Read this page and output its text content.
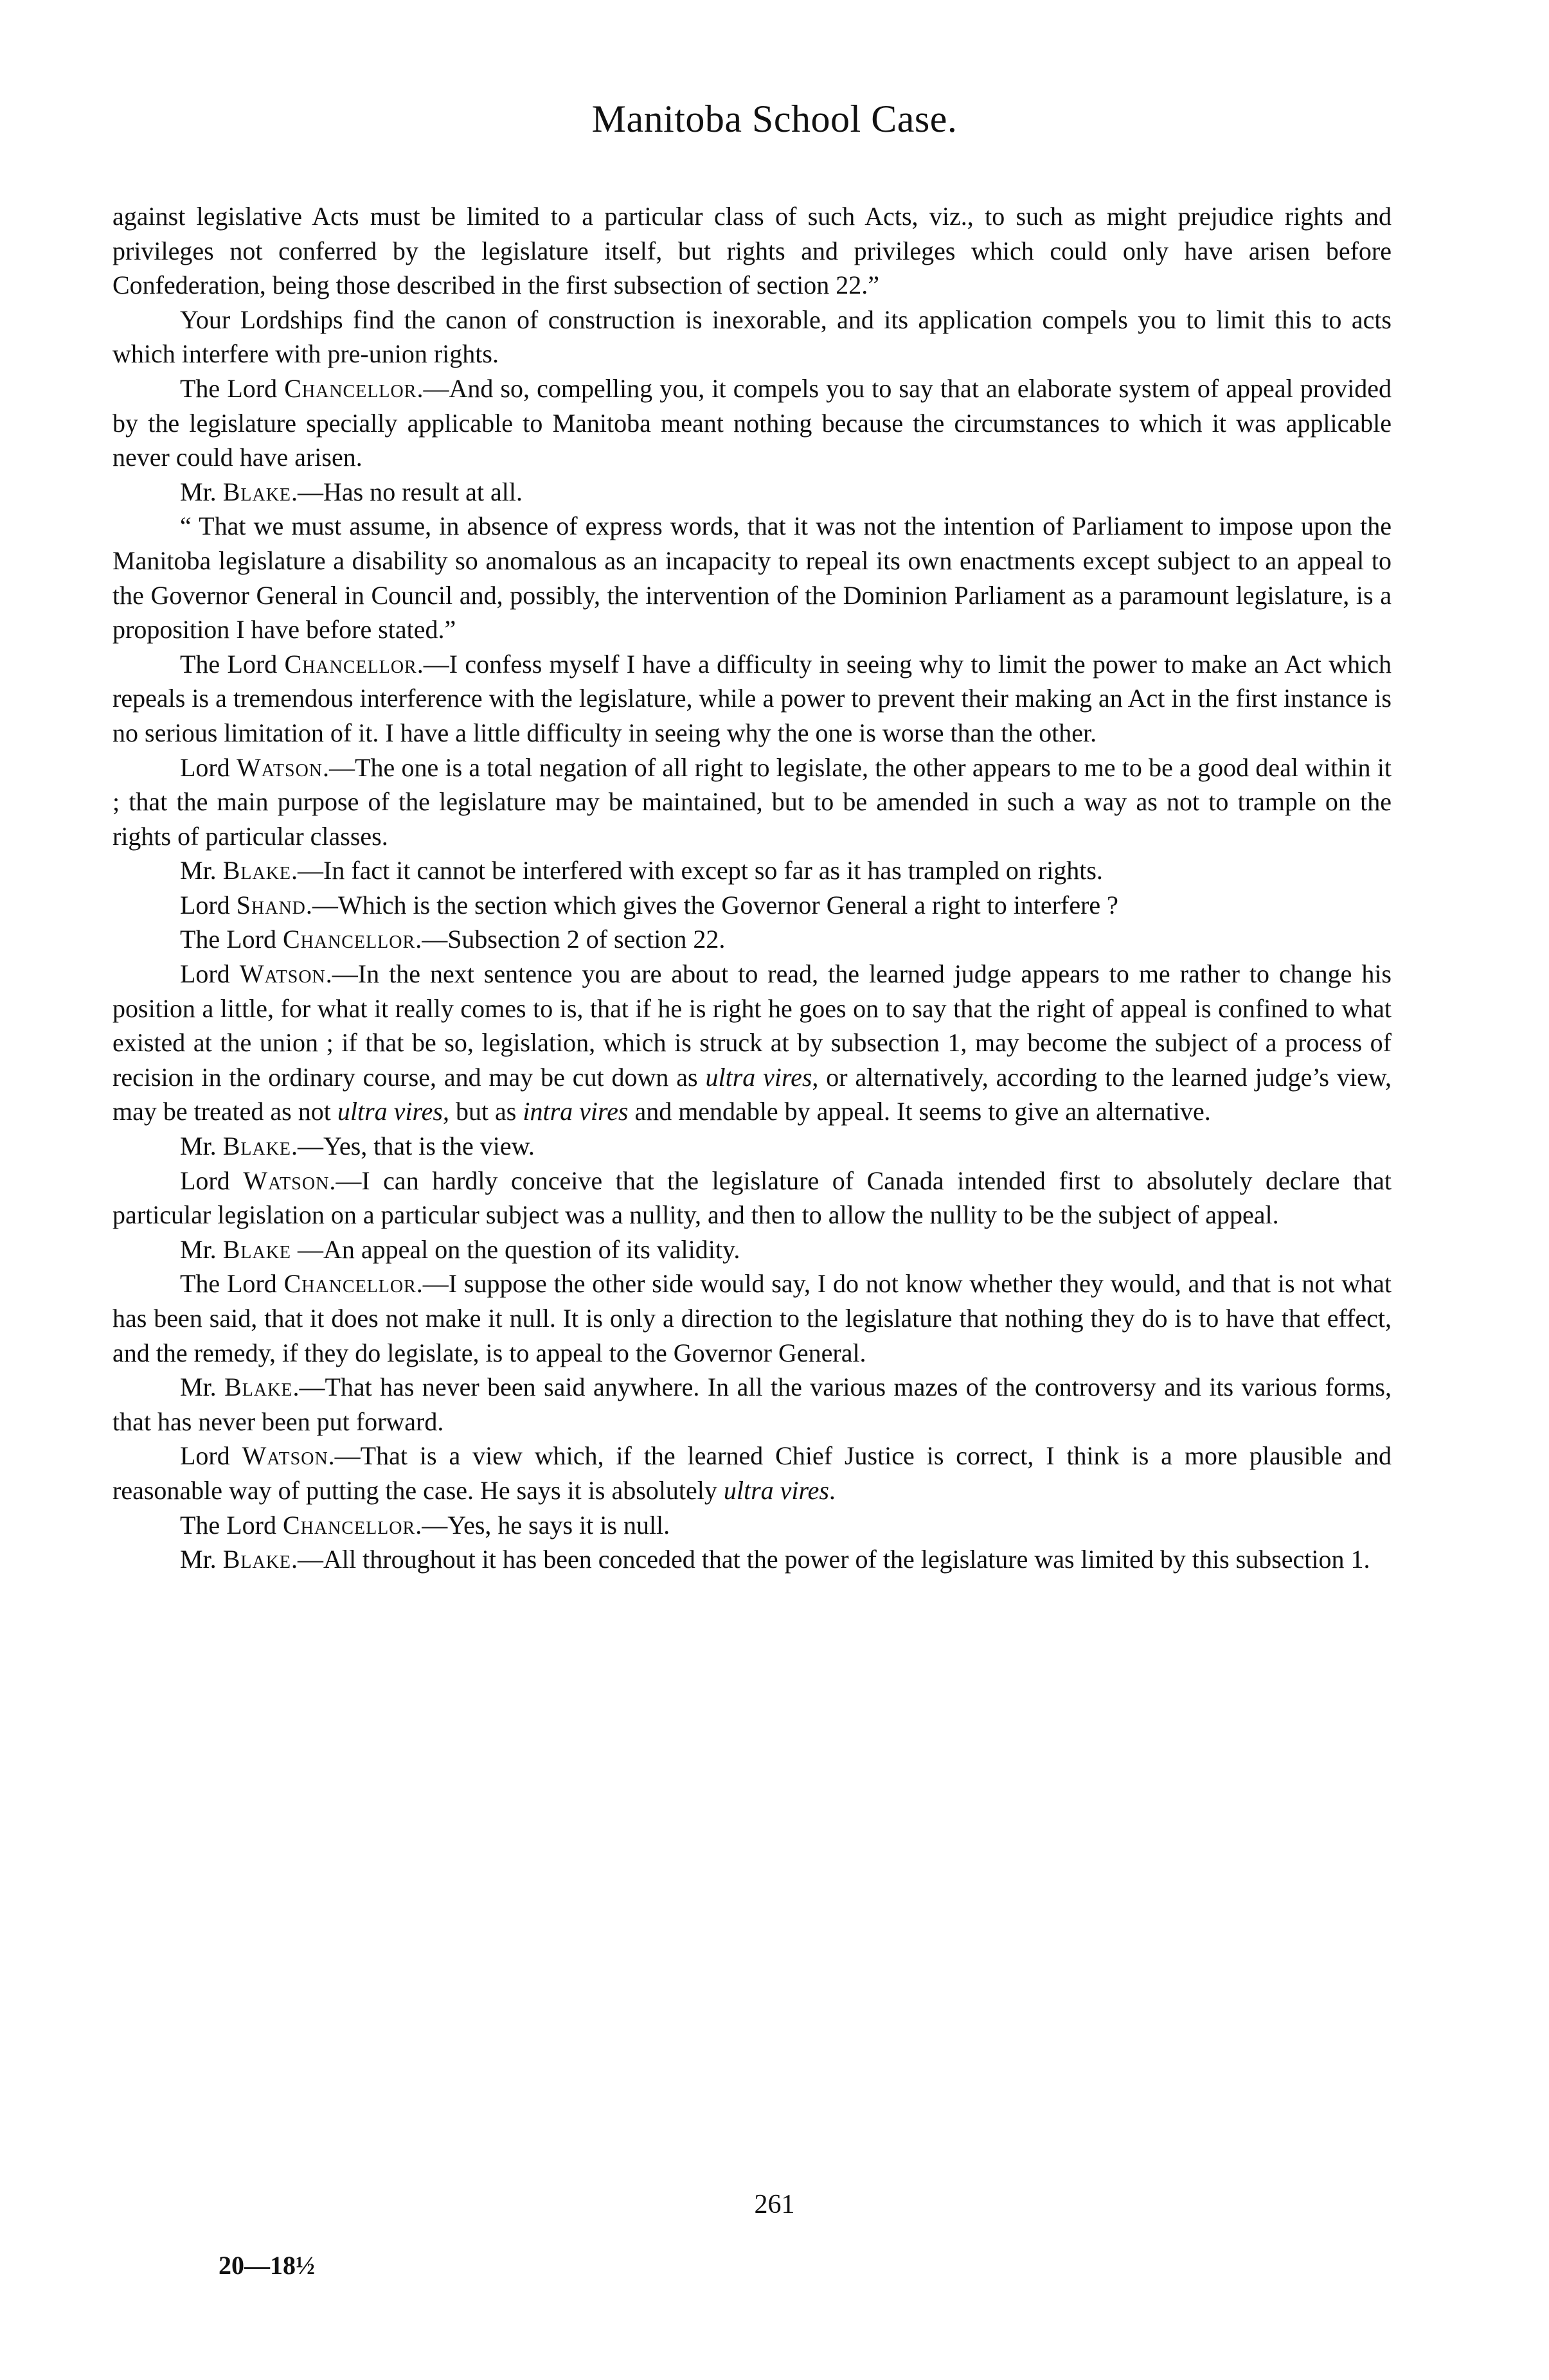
Manitoba School Case.

against legislative Acts must be limited to a particular class of such Acts, viz., to such as might prejudice rights and privileges not conferred by the legislature itself, but rights and privileges which could only have arisen before Confederation, being those described in the first subsection of section 22.”

Your Lordships find the canon of construction is inexorable, and its application compels you to limit this to acts which interfere with pre-union rights.

The Lord Chancellor.—And so, compelling you, it compels you to say that an elaborate system of appeal provided by the legislature specially applicable to Manitoba meant nothing because the circumstances to which it was applicable never could have arisen.

Mr. Blake.—Has no result at all.

“ That we must assume, in absence of express words, that it was not the intention of Parliament to impose upon the Manitoba legislature a disability so anomalous as an incapacity to repeal its own enactments except subject to an appeal to the Governor General in Council and, possibly, the intervention of the Dominion Parliament as a paramount legislature, is a proposition I have before stated.”

The Lord Chancellor.—I confess myself I have a difficulty in seeing why to limit the power to make an Act which repeals is a tremendous interference with the legislature, while a power to prevent their making an Act in the first instance is no serious limitation of it. I have a little difficulty in seeing why the one is worse than the other.

Lord Watson.—The one is a total negation of all right to legislate, the other appears to me to be a good deal within it ; that the main purpose of the legislature may be maintained, but to be amended in such a way as not to trample on the rights of particular classes.

Mr. Blake.—In fact it cannot be interfered with except so far as it has trampled on rights.

Lord Shand.—Which is the section which gives the Governor General a right to interfere ?

The Lord Chancellor.—Subsection 2 of section 22.

Lord Watson.—In the next sentence you are about to read, the learned judge appears to me rather to change his position a little, for what it really comes to is, that if he is right he goes on to say that the right of appeal is confined to what existed at the union ; if that be so, legislation, which is struck at by subsection 1, may become the subject of a process of recision in the ordinary course, and may be cut down as ultra vires, or alternatively, according to the learned judge’s view, may be treated as not ultra vires, but as intra vires and mendable by appeal. It seems to give an alternative.

Mr. Blake.—Yes, that is the view.

Lord Watson.—I can hardly conceive that the legislature of Canada intended first to absolutely declare that particular legislation on a particular subject was a nullity, and then to allow the nullity to be the subject of appeal.

Mr. Blake —An appeal on the question of its validity.

The Lord Chancellor.—I suppose the other side would say, I do not know whether they would, and that is not what has been said, that it does not make it null. It is only a direction to the legislature that nothing they do is to have that effect, and the remedy, if they do legislate, is to appeal to the Governor General.

Mr. Blake.—That has never been said anywhere. In all the various mazes of the controversy and its various forms, that has never been put forward.

Lord Watson.—That is a view which, if the learned Chief Justice is correct, I think is a more plausible and reasonable way of putting the case. He says it is absolutely ultra vires.

The Lord Chancellor.—Yes, he says it is null.

Mr. Blake.—All throughout it has been conceded that the power of the legislature was limited by this subsection 1.

261
20—18½
